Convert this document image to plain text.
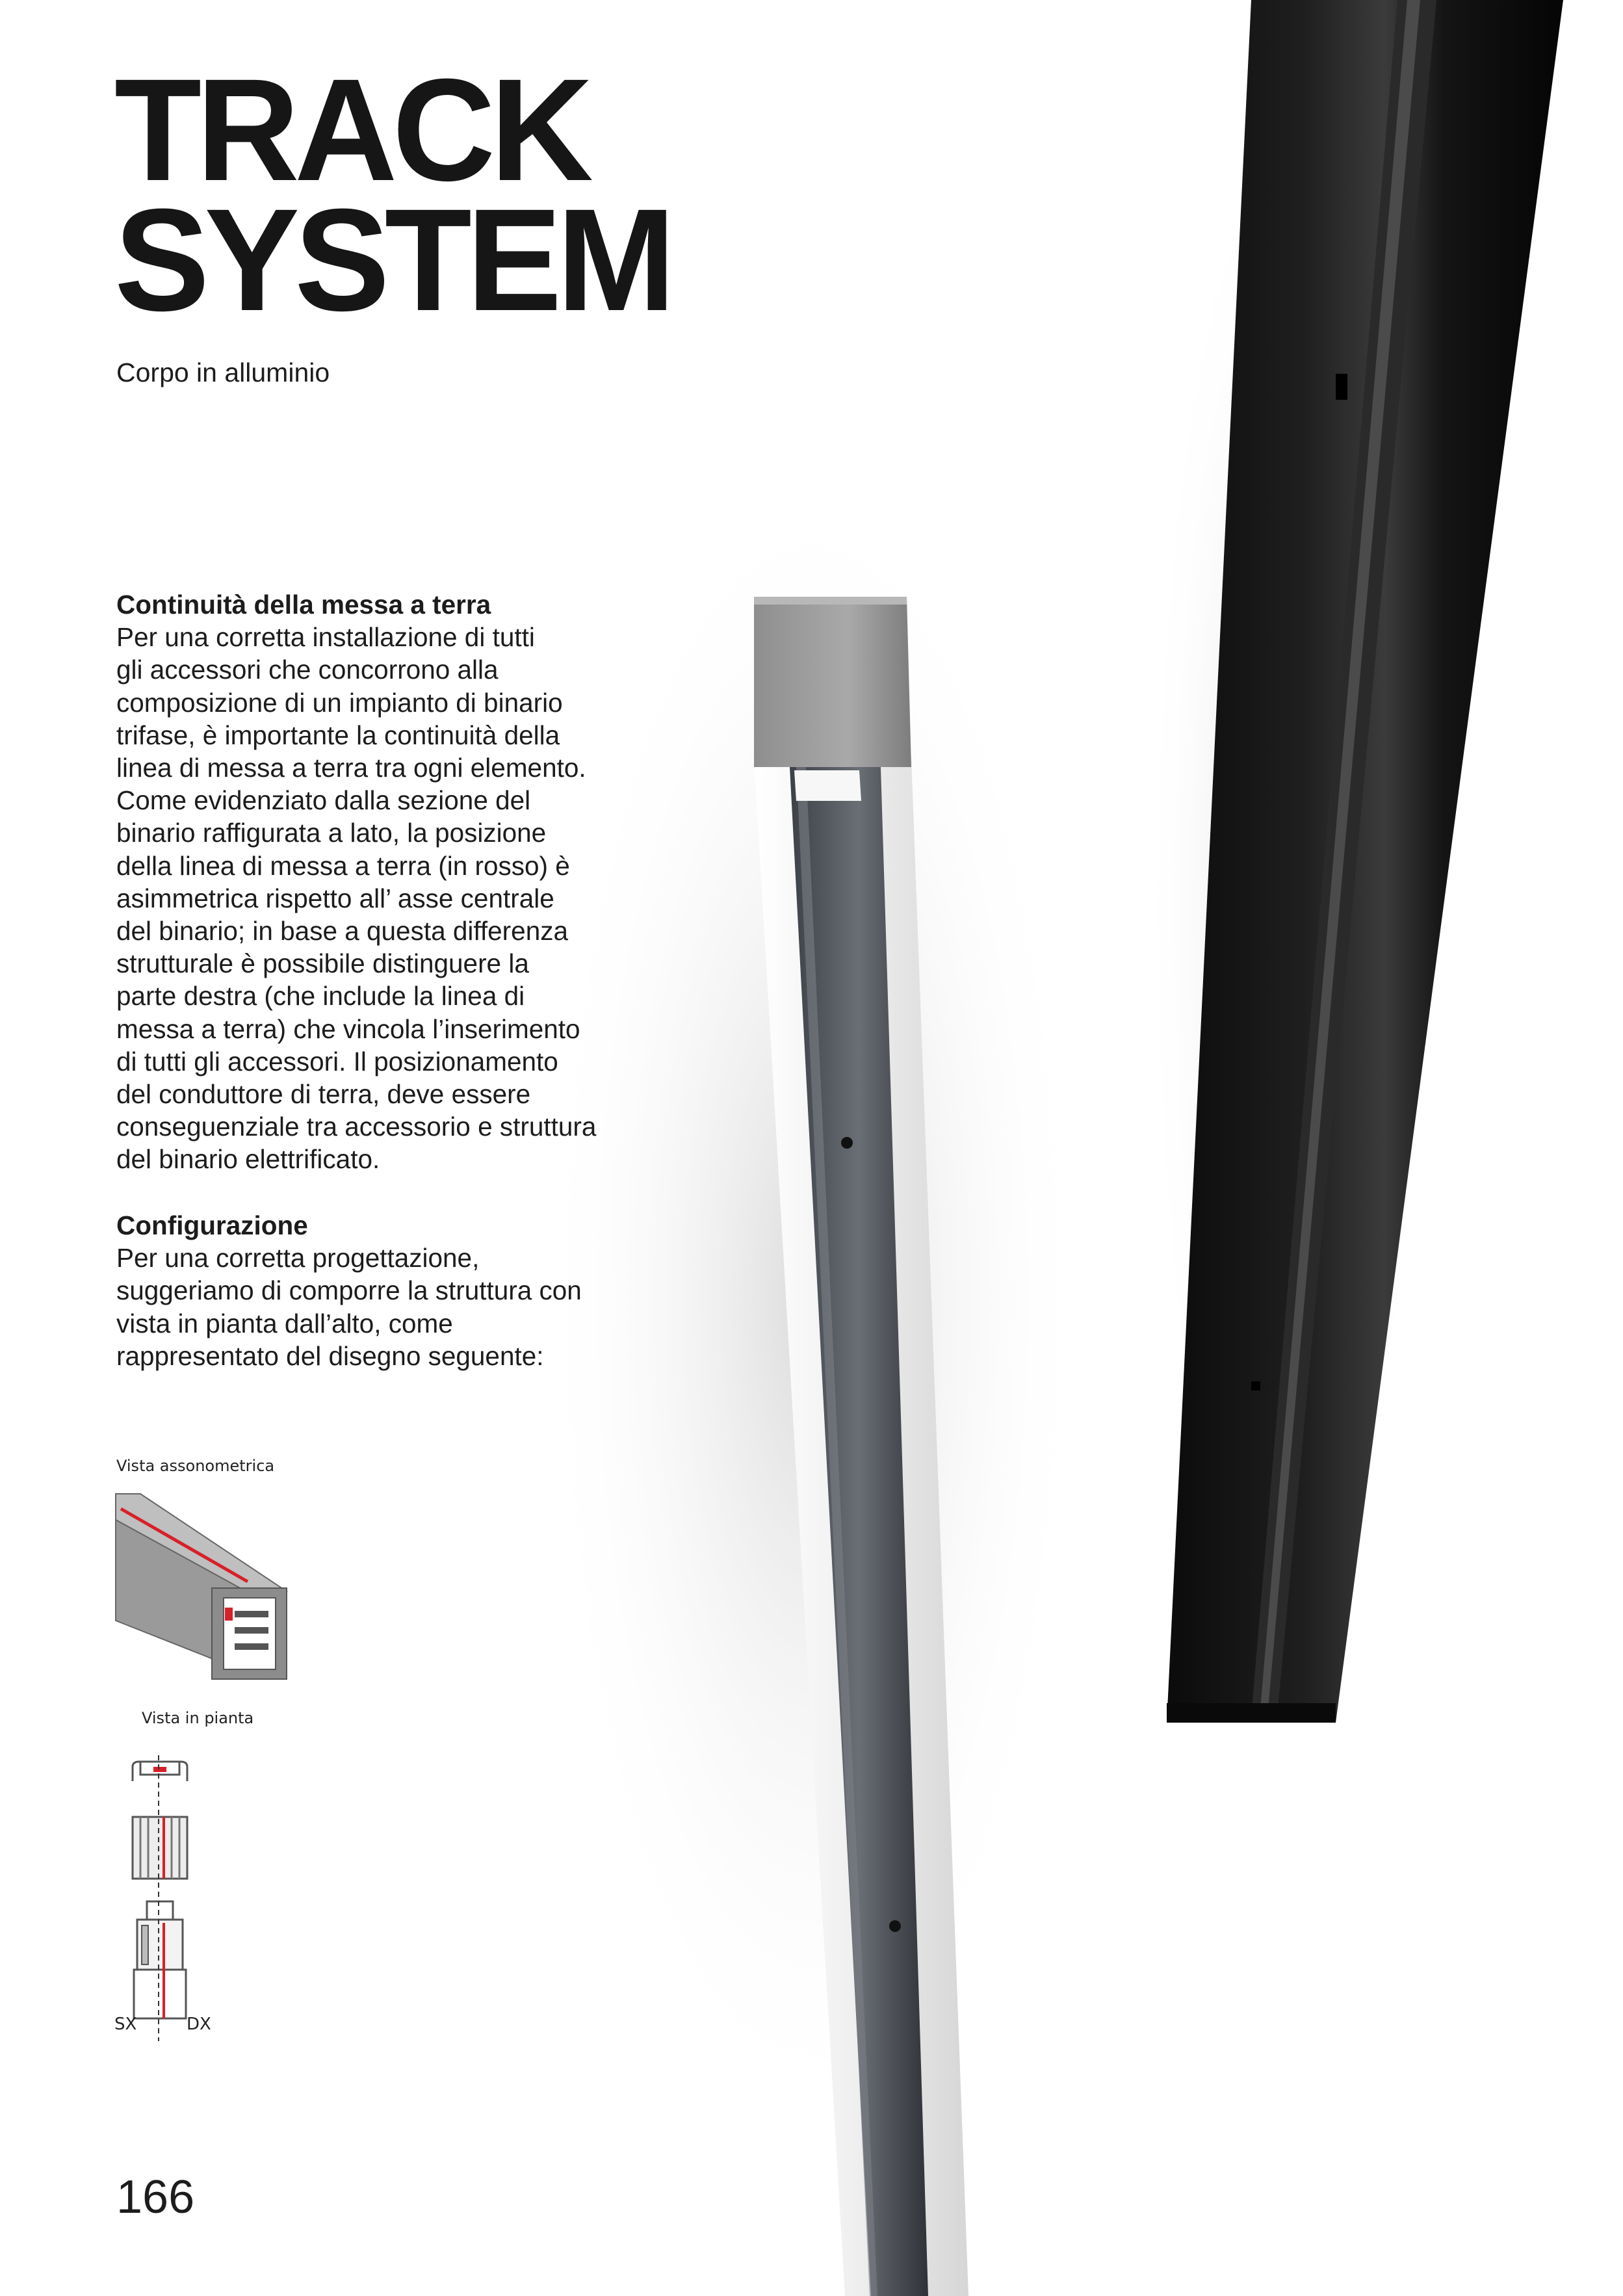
TRACK
SYSTEM
Corpo in alluminio
Continuità della messa a terra
Per una corretta installazione di tutti
gli accessori che concorrono alla
composizione di un impianto di binario
trifase, è importante la continuità della
linea di messa a terra tra ogni elemento.
Come evidenziato dalla sezione del
binario raffigurata a lato, la posizione
della linea di messa a terra (in rosso) è
asimmetrica rispetto all’ asse centrale
del binario; in base a questa differenza
strutturale è possibile distinguere la
parte destra (che include la linea di
messa a terra) che vincola l’inserimento
di tutti gli accessori. Il posizionamento
del conduttore di terra, deve essere
conseguenziale tra accessorio e struttura
del binario elettrificato.
Configurazione
Per una corretta progettazione,
suggeriamo di comporre la struttura con
vista in pianta dall’alto, come
rappresentato del disegno seguente:
Vista assonometrica
Vista in pianta
SX	DX
166
